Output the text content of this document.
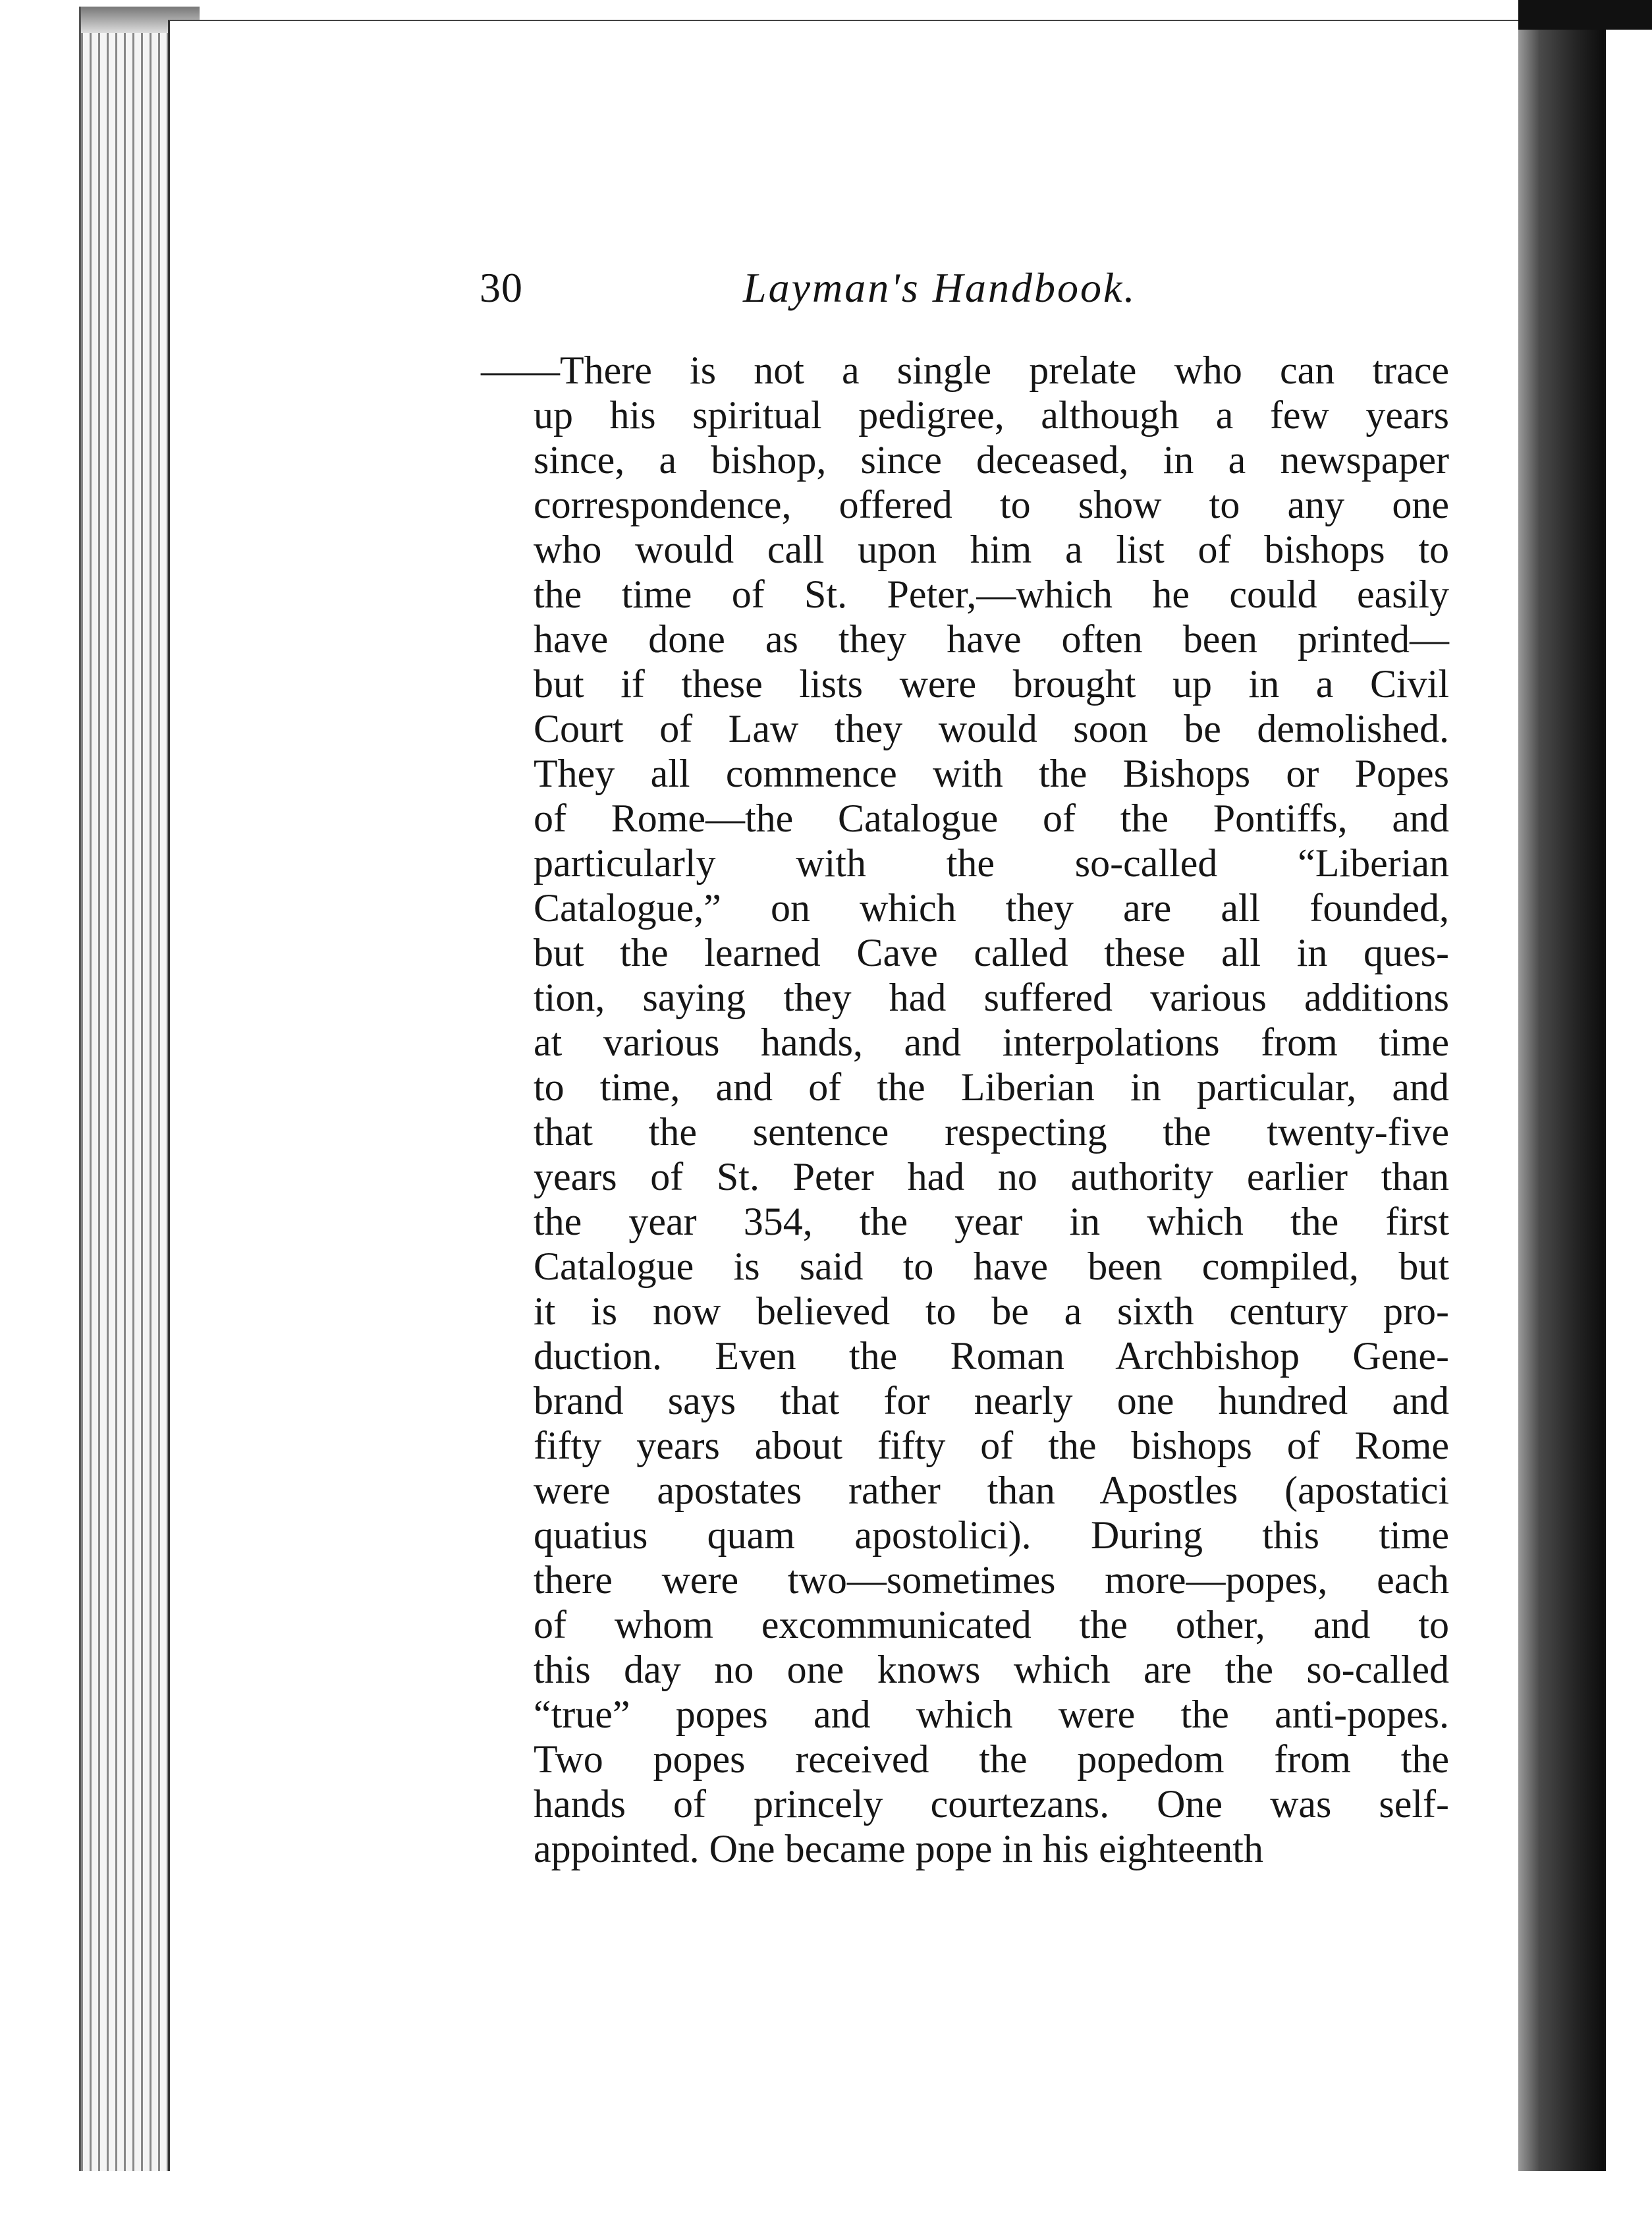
30	Layman's Handbook.
——There is not a single prelate who can trace
up his spiritual pedigree, although a few years
since, a bishop, since deceased, in a newspaper
correspondence, offered to show to any one
who would call upon him a list of bishops to
the time of St. Peter,—which he could easily
have done as they have often been printed—
but if these lists were brought up in a Civil
Court of Law they would soon be demolished.
They all commence with the Bishops or Popes
of Rome—the Catalogue of the Pontiffs, and
particularly with the so-called “Liberian
Catalogue,” on which they are all founded,
but the learned Cave called these all in ques-
tion, saying they had suffered various additions
at various hands, and interpolations from time
to time, and of the Liberian in particular, and
that the sentence respecting the twenty-five
years of St. Peter had no authority earlier than
the year 354, the year in which the first
Catalogue is said to have been compiled, but
it is now believed to be a sixth century pro-
duction. Even the Roman Archbishop Gene-
brand says that for nearly one hundred and
fifty years about fifty of the bishops of Rome
were apostates rather than Apostles (apostatici
quatius quam apostolici). During this time
there were two—sometimes more—popes, each
of whom excommunicated the other, and to
this day no one knows which are the so-called
“true” popes and which were the anti-popes.
Two popes received the popedom from the
hands of princely courtezans. One was self-
appointed. One became pope in his eighteenth
